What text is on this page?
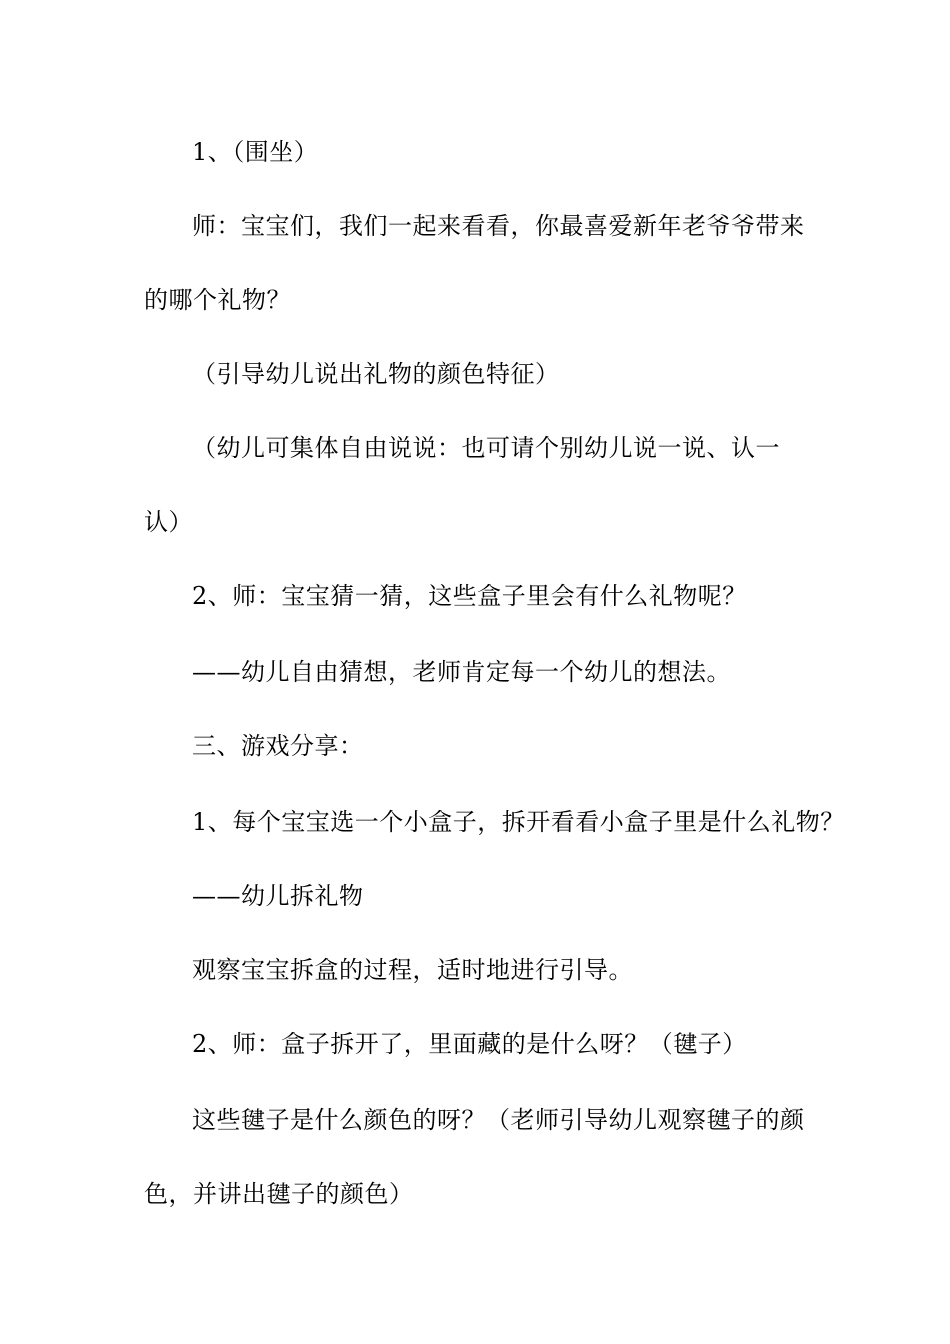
1、（围坐）
师：宝宝们，我们一起来看看，你最喜爱新年老爷爷带来
的哪个礼物？
（引导幼儿说出礼物的颜色特征）
（幼儿可集体自由说说：也可请个别幼儿说一说、认一
认）
2、师：宝宝猜一猜，这些盒子里会有什么礼物呢？
——幼儿自由猜想，老师肯定每一个幼儿的想法。
三、游戏分享：
1、每个宝宝选一个小盒子，拆开看看小盒子里是什么礼物？
——幼儿拆礼物
观察宝宝拆盒的过程，适时地进行引导。
2、师：盒子拆开了，里面藏的是什么呀？（毽子）
这些毽子是什么颜色的呀？（老师引导幼儿观察毽子的颜
色，并讲出毽子的颜色）
